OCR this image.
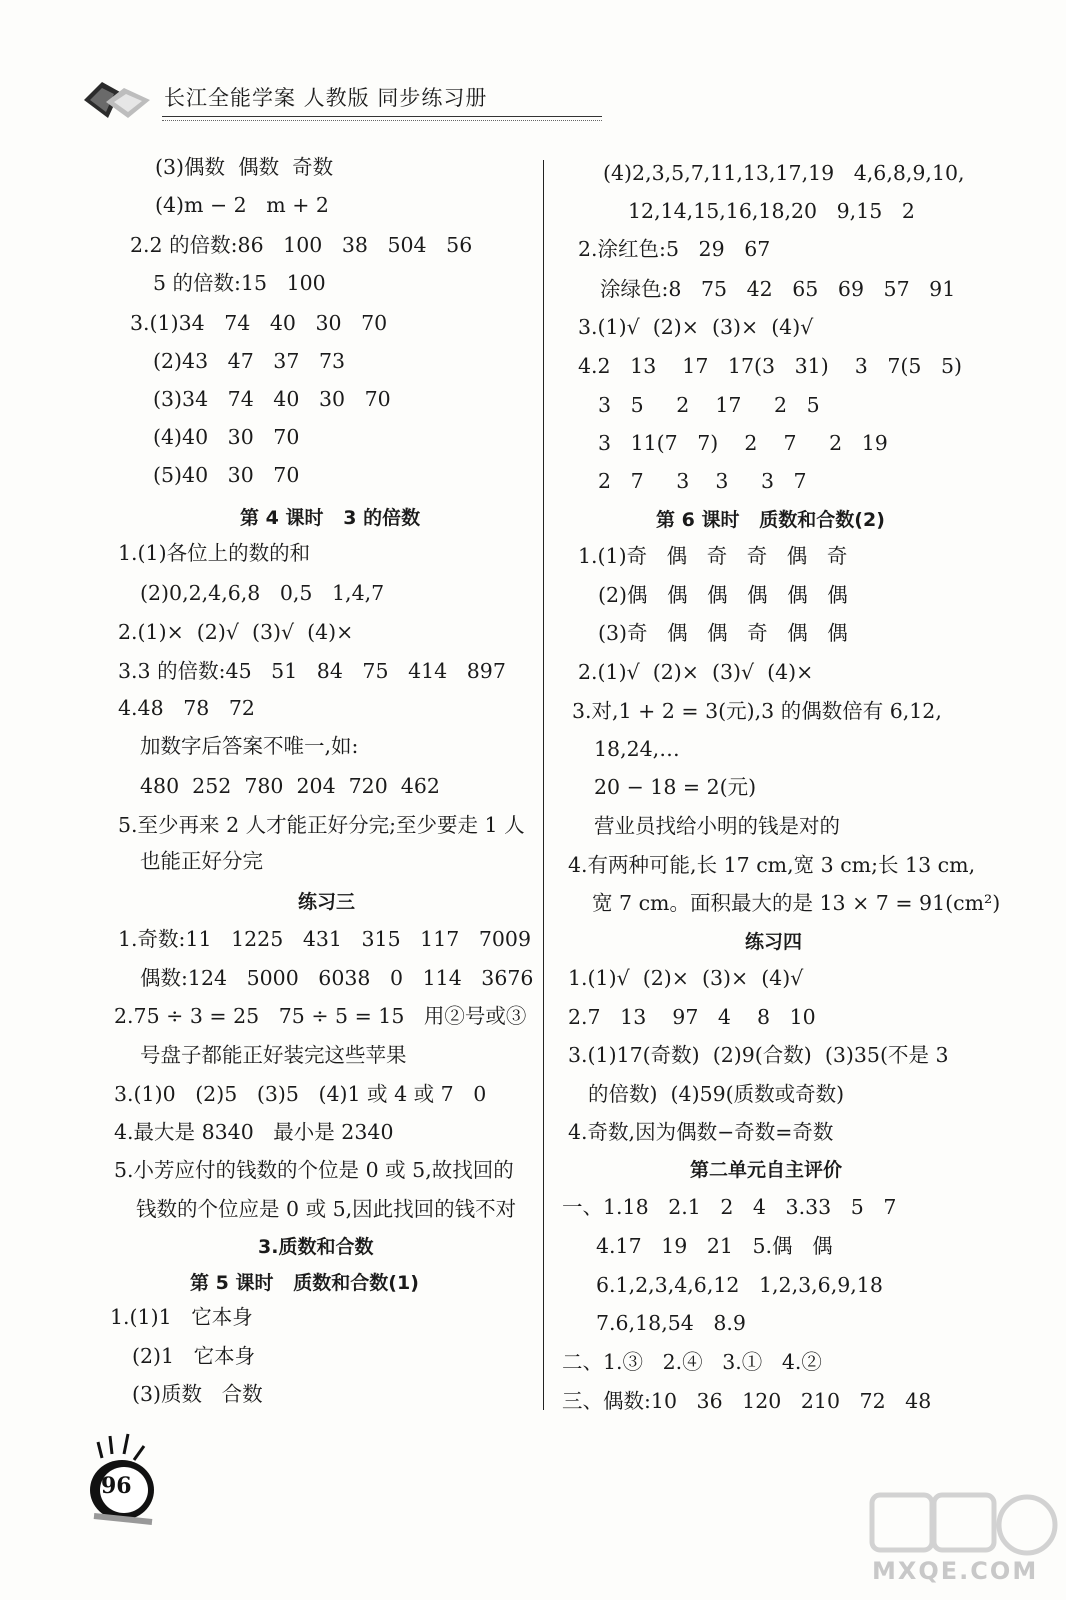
长江全能学案 人教版 同步练习册
(3)偶数  偶数  奇数
(4)m − 2   m + 2
2.2 的倍数:86   100   38   504   56
5 的倍数:15   100
3.(1)34   74   40   30   70
(2)43   47   37   73
(3)34   74   40   30   70
(4)40   30   70
(5)40   30   70
第 4 课时   3 的倍数
1.(1)各位上的数的和
(2)0,2,4,6,8   0,5   1,4,7
2.(1)×  (2)√  (3)√  (4)×
3.3 的倍数:45   51   84   75   414   897
4.48   78   72
加数字后答案不唯一,如:
480  252  780  204  720  462
5.至少再来 2 人才能正好分完;至少要走 1 人
也能正好分完
练习三
1.奇数:11   1225   431   315   117   7009
偶数:124   5000   6038   0   114   3676
2.75 ÷ 3 = 25   75 ÷ 5 = 15   用②号或③
号盘子都能正好装完这些苹果
3.(1)0   (2)5   (3)5   (4)1 或 4 或 7   0
4.最大是 8340   最小是 2340
5.小芳应付的钱数的个位是 0 或 5,故找回的
钱数的个位应是 0 或 5,因此找回的钱不对
3.质数和合数
第 5 课时   质数和合数(1)
1.(1)1   它本身
(2)1   它本身
(3)质数   合数
(4)2,3,5,7,11,13,17,19   4,6,8,9,10,
12,14,15,16,18,20   9,15   2
2.涂红色:5   29   67
涂绿色:8   75   42   65   69   57   91
3.(1)√  (2)×  (3)×  (4)√
4.2   13    17   17(3   31)    3   7(5   5)
3   5     2    17     2   5
3   11(7   7)    2    7     2   19
2   7     3    3     3   7
第 6 课时   质数和合数(2)
1.(1)奇   偶   奇   奇   偶   奇
(2)偶   偶   偶   偶   偶   偶
(3)奇   偶   偶   奇   偶   偶
2.(1)√  (2)×  (3)√  (4)×
3.对,1 + 2 = 3(元),3 的偶数倍有 6,12,
18,24,…
20 − 18 = 2(元)
营业员找给小明的钱是对的
4.有两种可能,长 17 cm,宽 3 cm;长 13 cm,
宽 7 cm。面积最大的是 13 × 7 = 91(cm²)
练习四
1.(1)√  (2)×  (3)×  (4)√
2.7   13    97   4    8   10
3.(1)17(奇数)  (2)9(合数)  (3)35(不是 3
的倍数)  (4)59(质数或奇数)
4.奇数,因为偶数−奇数=奇数
第二单元自主评价
一、1.18   2.1   2   4   3.33   5   7
4.17   19   21   5.偶   偶
6.1,2,3,4,6,12   1,2,3,6,9,18
7.6,18,54   8.9
二、1.③   2.④   3.①   4.②
三、偶数:10   36   120   210   72   48
96
MXQE.COM
